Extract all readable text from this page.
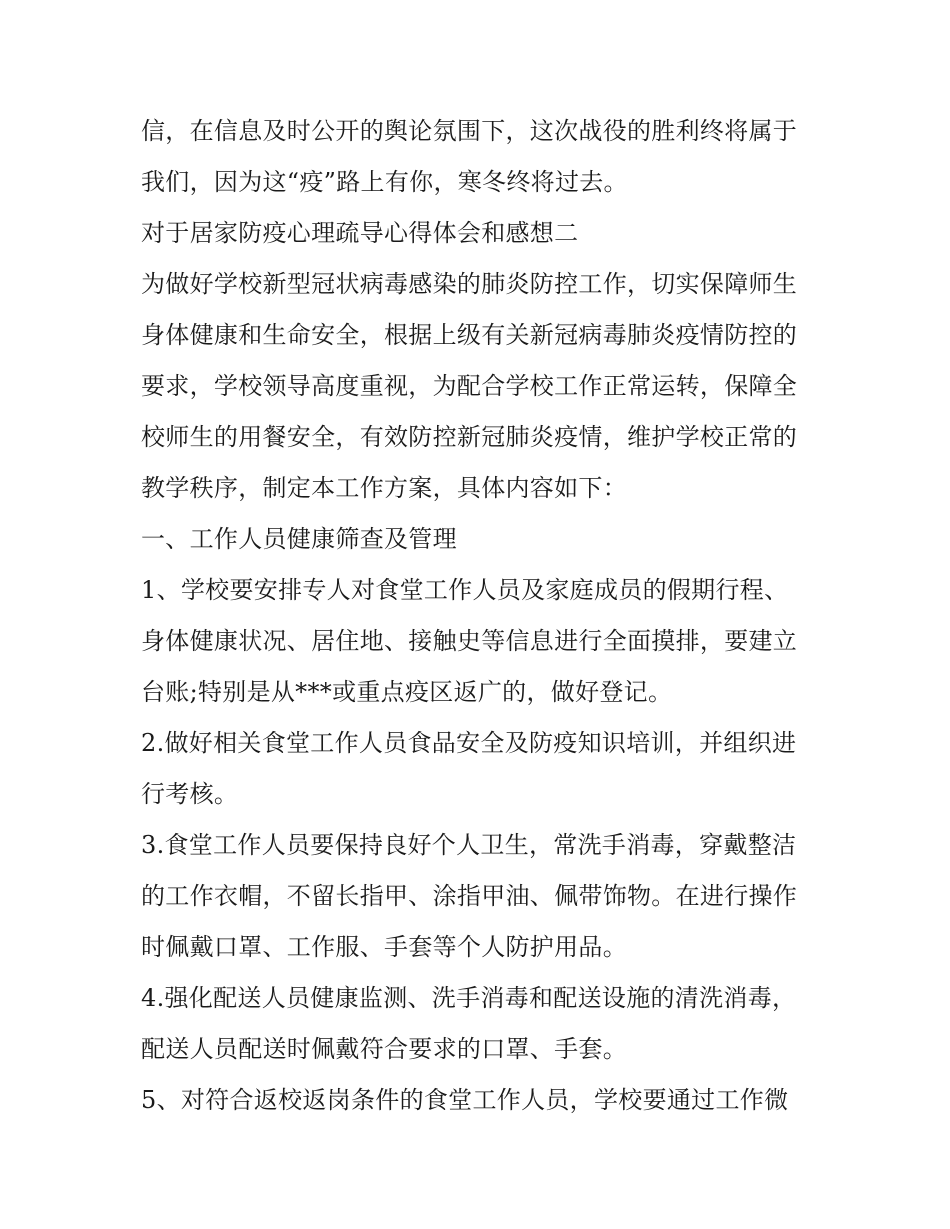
信，在信息及时公开的舆论氛围下，这次战役的胜利终将属于
我们，因为这“疫”路上有你，寒冬终将过去。
对于居家防疫心理疏导心得体会和感想二
为做好学校新型冠状病毒感染的肺炎防控工作，切实保障师生
身体健康和生命安全，根据上级有关新冠病毒肺炎疫情防控的
要求，学校领导高度重视，为配合学校工作正常运转，保障全
校师生的用餐安全，有效防控新冠肺炎疫情，维护学校正常的
教学秩序，制定本工作方案，具体内容如下：
一、工作人员健康筛查及管理
1、学校要安排专人对食堂工作人员及家庭成员的假期行程、
身体健康状况、居住地、接触史等信息进行全面摸排，要建立
台账;特别是从***或重点疫区返广的，做好登记。
2.做好相关食堂工作人员食品安全及防疫知识培训，并组织进
行考核。
3.食堂工作人员要保持良好个人卫生，常洗手消毒，穿戴整洁
的工作衣帽，不留长指甲、涂指甲油、佩带饰物。在进行操作
时佩戴口罩、工作服、手套等个人防护用品。
4.强化配送人员健康监测、洗手消毒和配送设施的清洗消毒，
配送人员配送时佩戴符合要求的口罩、手套。
5、对符合返校返岗条件的食堂工作人员，学校要通过工作微
